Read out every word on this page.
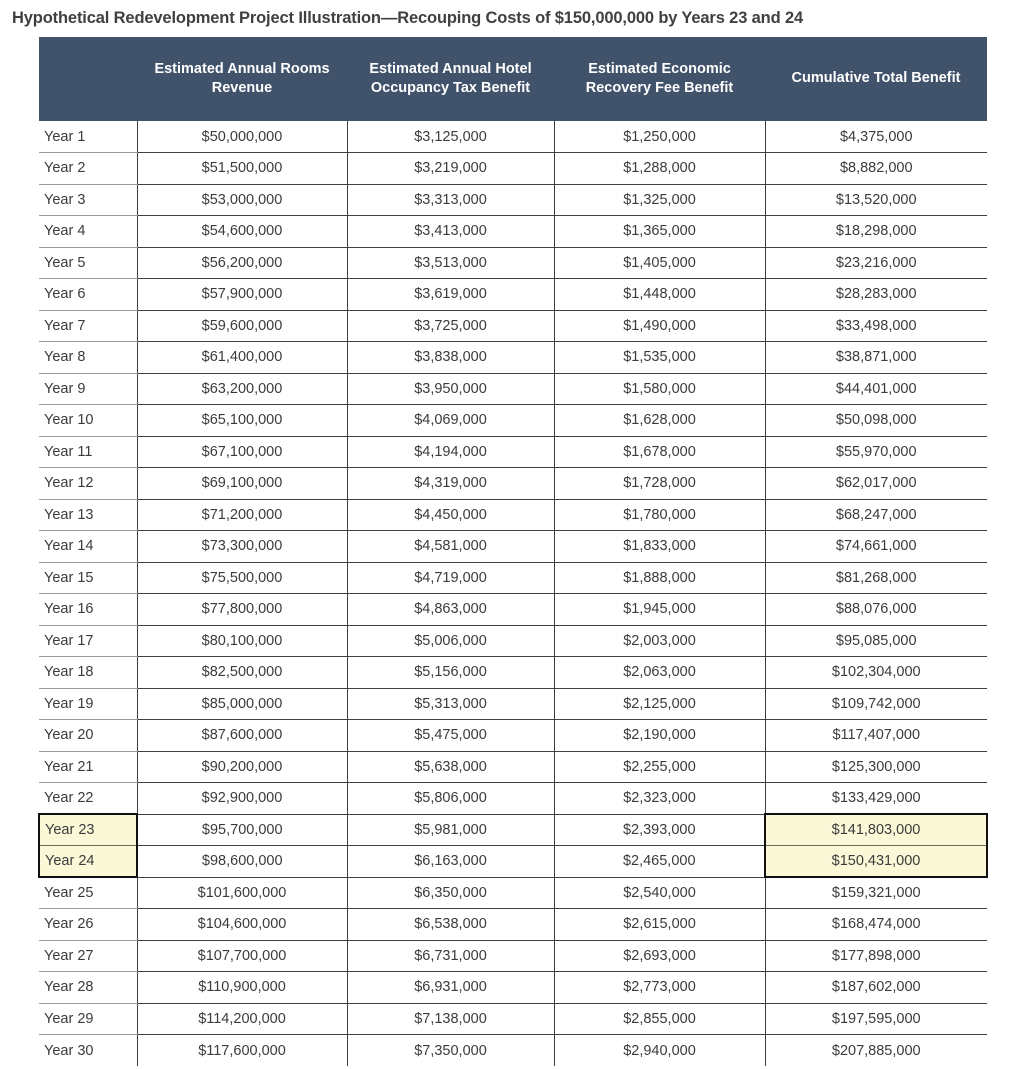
Hypothetical Redevelopment Project Illustration—Recouping Costs of $150,000,000 by Years 23 and 24
	Estimated Annual Rooms Revenue	Estimated Annual Hotel Occupancy Tax Benefit	Estimated Economic Recovery Fee Benefit	Cumulative Total Benefit
Year 1	$50,000,000	$3,125,000	$1,250,000	$4,375,000
Year 2	$51,500,000	$3,219,000	$1,288,000	$8,882,000
Year 3	$53,000,000	$3,313,000	$1,325,000	$13,520,000
Year 4	$54,600,000	$3,413,000	$1,365,000	$18,298,000
Year 5	$56,200,000	$3,513,000	$1,405,000	$23,216,000
Year 6	$57,900,000	$3,619,000	$1,448,000	$28,283,000
Year 7	$59,600,000	$3,725,000	$1,490,000	$33,498,000
Year 8	$61,400,000	$3,838,000	$1,535,000	$38,871,000
Year 9	$63,200,000	$3,950,000	$1,580,000	$44,401,000
Year 10	$65,100,000	$4,069,000	$1,628,000	$50,098,000
Year 11	$67,100,000	$4,194,000	$1,678,000	$55,970,000
Year 12	$69,100,000	$4,319,000	$1,728,000	$62,017,000
Year 13	$71,200,000	$4,450,000	$1,780,000	$68,247,000
Year 14	$73,300,000	$4,581,000	$1,833,000	$74,661,000
Year 15	$75,500,000	$4,719,000	$1,888,000	$81,268,000
Year 16	$77,800,000	$4,863,000	$1,945,000	$88,076,000
Year 17	$80,100,000	$5,006,000	$2,003,000	$95,085,000
Year 18	$82,500,000	$5,156,000	$2,063,000	$102,304,000
Year 19	$85,000,000	$5,313,000	$2,125,000	$109,742,000
Year 20	$87,600,000	$5,475,000	$2,190,000	$117,407,000
Year 21	$90,200,000	$5,638,000	$2,255,000	$125,300,000
Year 22	$92,900,000	$5,806,000	$2,323,000	$133,429,000
Year 23	$95,700,000	$5,981,000	$2,393,000	$141,803,000
Year 24	$98,600,000	$6,163,000	$2,465,000	$150,431,000
Year 25	$101,600,000	$6,350,000	$2,540,000	$159,321,000
Year 26	$104,600,000	$6,538,000	$2,615,000	$168,474,000
Year 27	$107,700,000	$6,731,000	$2,693,000	$177,898,000
Year 28	$110,900,000	$6,931,000	$2,773,000	$187,602,000
Year 29	$114,200,000	$7,138,000	$2,855,000	$197,595,000
Year 30	$117,600,000	$7,350,000	$2,940,000	$207,885,000
